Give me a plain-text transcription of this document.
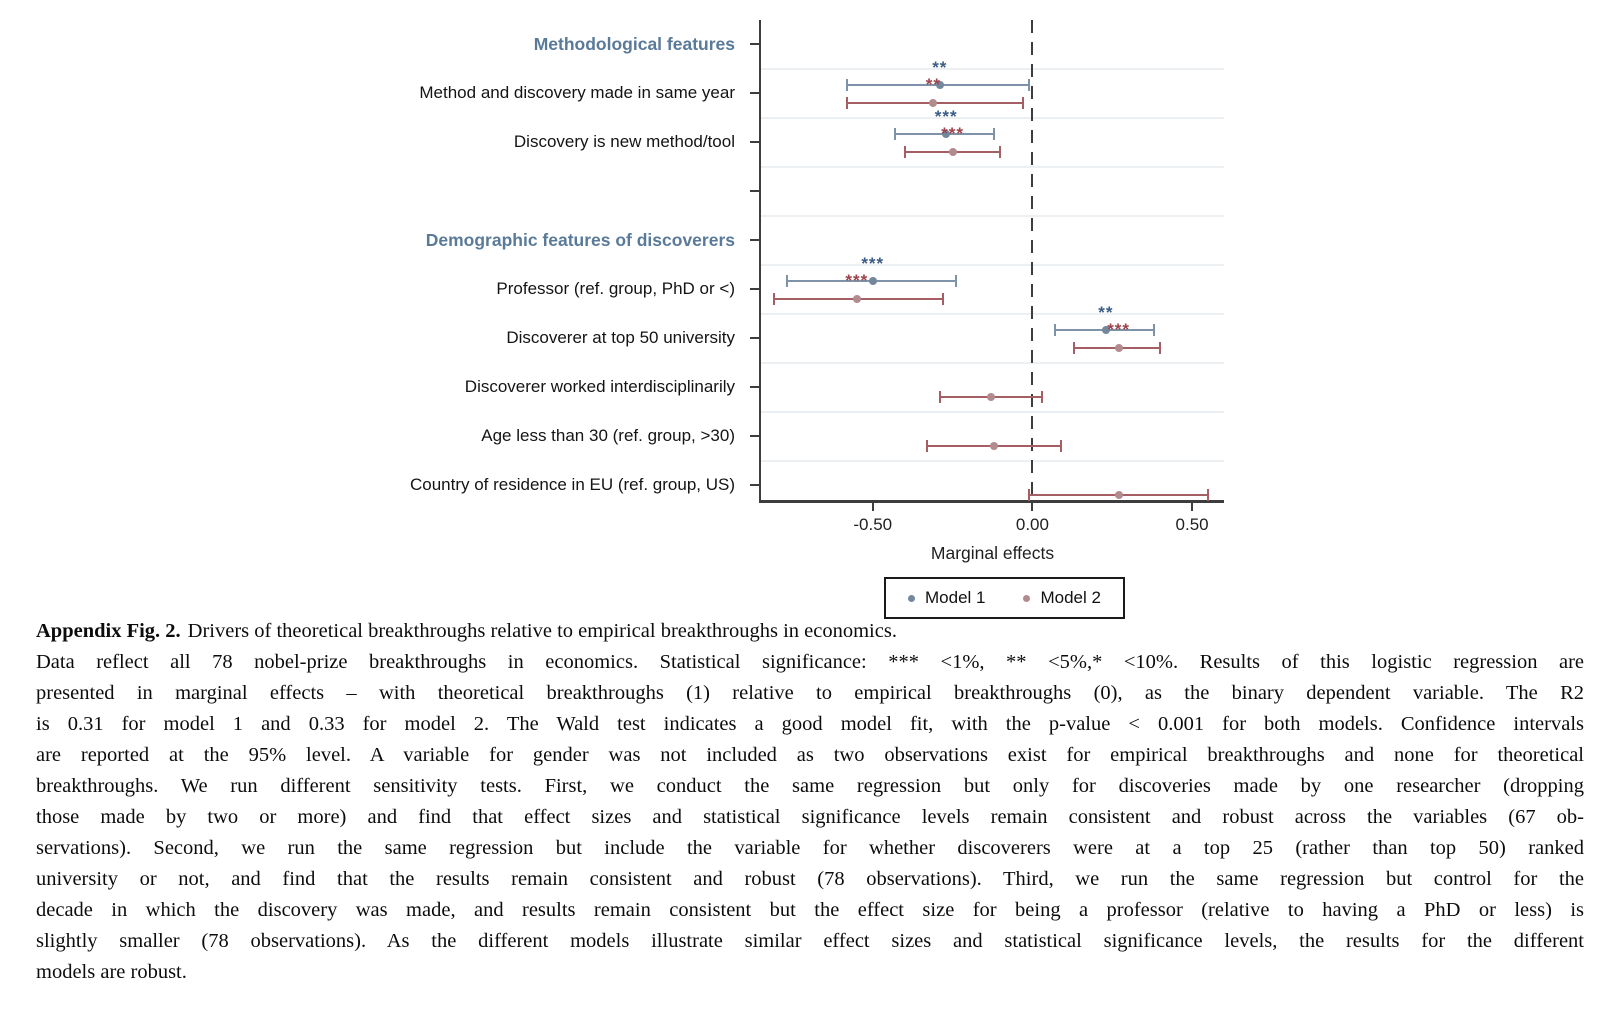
-0.50	0.00	0.50
Marginal effects
Methodological features
Method and discovery made in same year
**
**
Discovery is new method/tool
***
***
Demographic features of discoverers
Professor (ref. group, PhD or <)
***
***
Discoverer at top 50 university
**
***
Discoverer worked interdisciplinarily
Age less than 30 (ref. group, >30)
Country of residence in EU (ref. group, US)
Model 1	Model 2
Appendix Fig. 2. Drivers of theoretical breakthroughs relative to empirical breakthroughs in economics.
Data reflect all 78 nobel-prize breakthroughs in economics. Statistical significance: *** <1%, ** <5%,* <10%. Results of this logistic regression are
presented in marginal effects – with theoretical breakthroughs (1) relative to empirical breakthroughs (0), as the binary dependent variable. The R2
is 0.31 for model 1 and 0.33 for model 2. The Wald test indicates a good model fit, with the p-value < 0.001 for both models. Confidence intervals
are reported at the 95% level. A variable for gender was not included as two observations exist for empirical breakthroughs and none for theoretical
breakthroughs. We run different sensitivity tests. First, we conduct the same regression but only for discoveries made by one researcher (dropping
those made by two or more) and find that effect sizes and statistical significance levels remain consistent and robust across the variables (67 ob-
servations). Second, we run the same regression but include the variable for whether discoverers were at a top 25 (rather than top 50) ranked
university or not, and find that the results remain consistent and robust (78 observations). Third, we run the same regression but control for the
decade in which the discovery was made, and results remain consistent but the effect size for being a professor (relative to having a PhD or less) is
slightly smaller (78 observations). As the different models illustrate similar effect sizes and statistical significance levels, the results for the different
models are robust.
